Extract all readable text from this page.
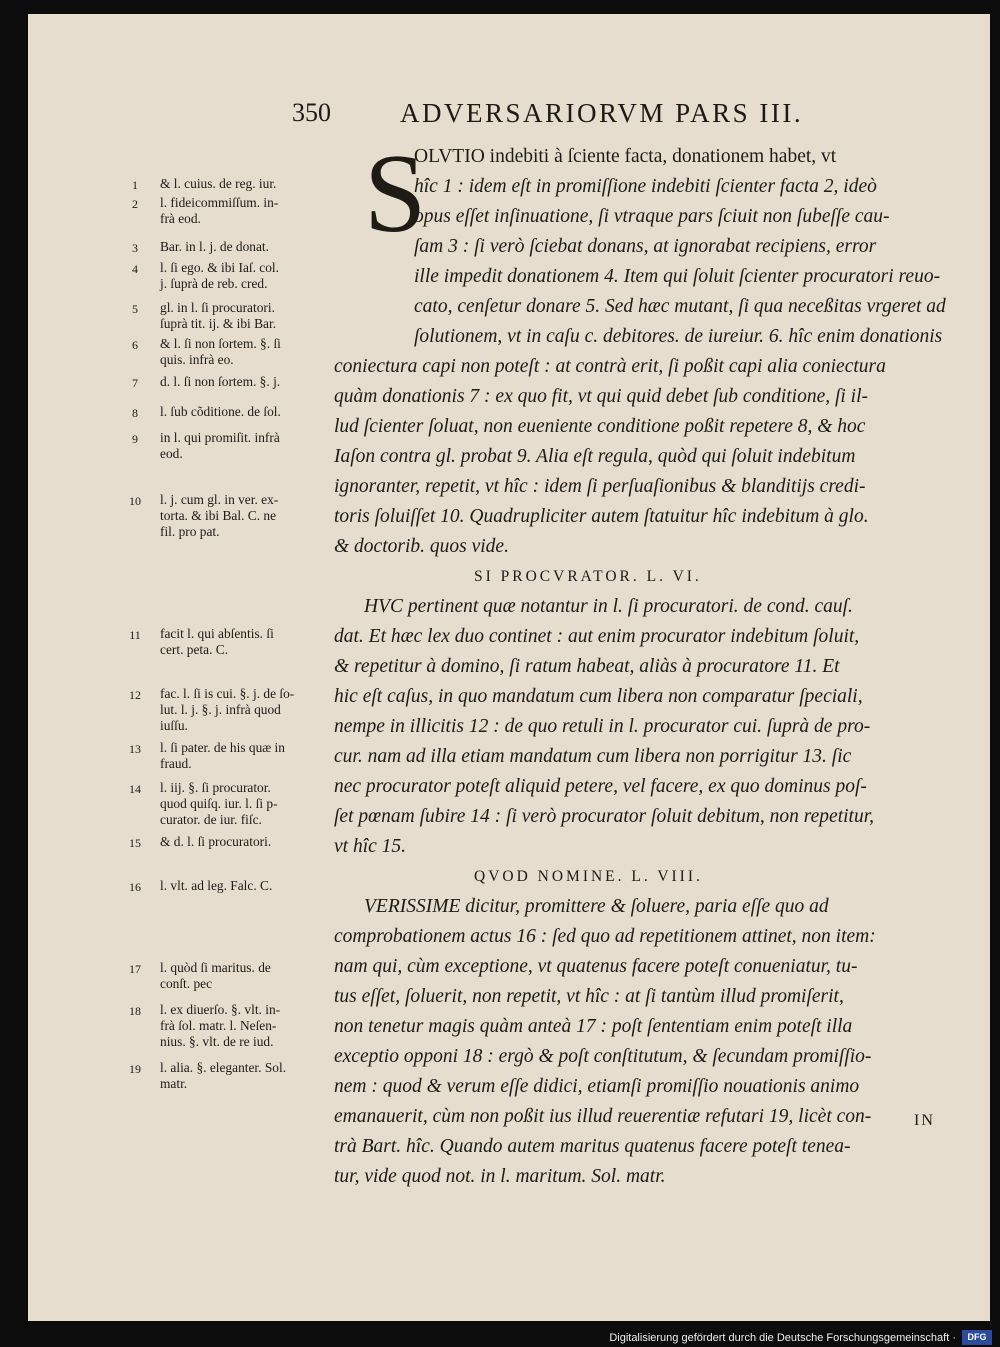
350	ADVERSARIORVM PARS III.
1	& l. cuius. de reg. iur.
2	l. fideicommiſſum. in-
frà eod.
3	Bar. in l. j. de donat.
4	l. ſi ego. & ibi Iaſ. col.
j. ſuprà de reb. cred.
5	gl. in l. ſi procuratori.
ſuprà tit. ij. & ibi Bar.
6	& l. ſi non ſortem. §. ſi
quis. infrà eo.
7	d. l. ſi non ſortem. §. j.
8	l. ſub cõditione. de ſol.
9	in l. qui promiſit. infrà
eod.
10 l. j. cum gl. in ver. ex-
torta. & ibi Bal. C. ne
fil. pro pat.
11 facit l. qui abſentis. ſi
cert. peta. C.
12 fac. l. ſi is cui. §. j. de ſo-
lut. l. j. §. j. infrà quod
iuſſu.
13 l. ſi pater. de his quæ in
fraud.
14 l. iij. §. ſi procurator.
quod quiſq. iur. l. ſi p-
curator. de iur. fiſc.
15 & d. l. ſi procuratori.
16 l. vlt. ad leg. Falc. C.
17 l. quòd ſi maritus. de
conſt. pec
18 l. ex diuerſo. §. vlt. in-
frà ſol. matr. l. Neſen-
nius. §. vlt. de re iud.
19 l. alia. §. eleganter. Sol.
matr.
S
OLVTIO indebiti à ſciente facta, donationem habet, vt
hîc 1 : idem eſt in promiſſione indebiti ſcienter facta 2, ideò
opus eſſet inſinuatione, ſi vtraque pars ſciuit non ſubeſſe cau-
ſam 3 : ſi verò ſciebat donans, at ignorabat recipiens, error
ille impedit donationem 4. Item qui ſoluit ſcienter procuratori reuo-
cato, cenſetur donare 5. Sed hæc mutant, ſi qua neceßitas vrgeret ad
ſolutionem, vt in caſu c. debitores. de iureiur. 6. hîc enim donationis
coniectura capi non poteſt : at contrà erit, ſi poßit capi alia coniectura
quàm donationis 7 : ex quo fit, vt qui quid debet ſub conditione, ſi il-
lud ſcienter ſoluat, non eueniente conditione poßit repetere 8, & hoc
Iaſon contra gl. probat 9. Alia eſt regula, quòd qui ſoluit indebitum
ignoranter, repetit, vt hîc : idem ſi perſuaſionibus & blanditijs credi-
toris ſoluiſſet 10. Quadrupliciter autem ſtatuitur hîc indebitum à glo.
& doctorib. quos vide.
SI PROCVRATOR. L. VI.
HVC pertinent quæ notantur in l. ſi procuratori. de cond. cauſ.
dat. Et hæc lex duo continet : aut enim procurator indebitum ſoluit,
& repetitur à domino, ſi ratum habeat, aliàs à procuratore 11. Et
hic eſt caſus, in quo mandatum cum libera non comparatur ſpeciali,
nempe in illicitis 12 : de quo retuli in l. procurator cui. ſuprà de pro-
cur. nam ad illa etiam mandatum cum libera non porrigitur 13. ſic
nec procurator poteſt aliquid petere, vel facere, ex quo dominus poſ-
ſet pœnam ſubire 14 : ſi verò procurator ſoluit debitum, non repetitur,
vt hîc 15.
QVOD NOMINE. L. VIII.
VERISSIME dicitur, promittere & ſoluere, paria eſſe quo ad
comprobationem actus 16 : ſed quo ad repetitionem attinet, non item:
nam qui, cùm exceptione, vt quatenus facere poteſt conueniatur, tu-
tus eſſet, ſoluerit, non repetit, vt hîc : at ſi tantùm illud promiſerit,
non tenetur magis quàm anteà 17 : poſt ſententiam enim poteſt illa
exceptio opponi 18 : ergò & poſt conſtitutum, & ſecundam promiſſio-
nem : quod & verum eſſe didici, etiamſi promiſſio nouationis animo
emanauerit, cùm non poßit ius illud reuerentiæ refutari 19, licèt con-
trà Bart. hîc. Quando autem maritus quatenus facere poteſt tenea-
tur, vide quod not. in l. maritum. Sol. matr.
IN
Digitalisierung gefördert durch die Deutsche Forschungsgemeinschaft ·	DFG
